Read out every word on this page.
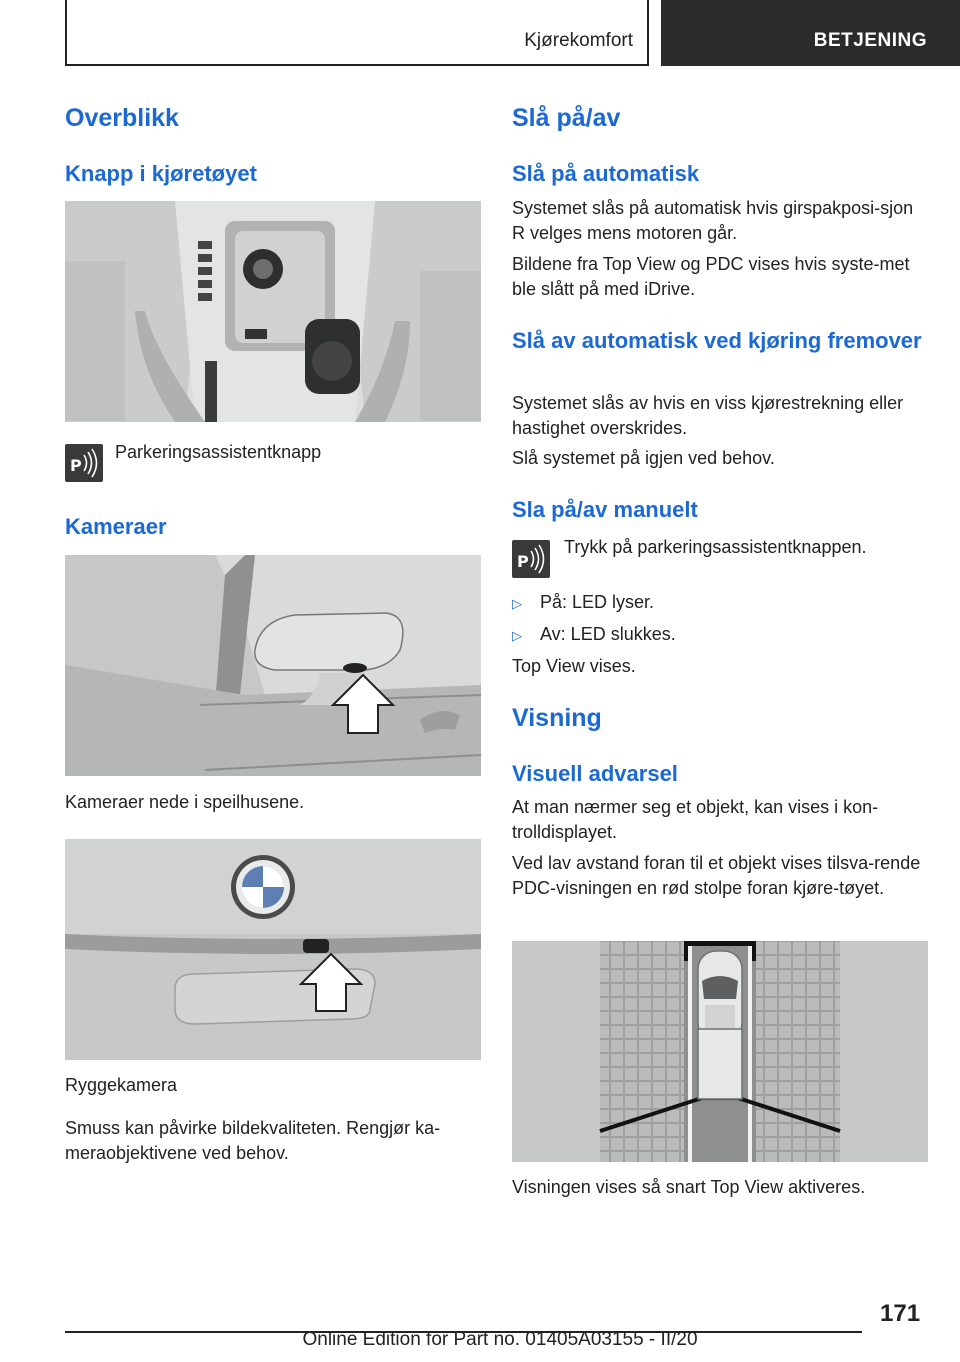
Kjørekomfort	BETJENING
Overblikk
Knapp i kjøretøyet
P
Parkeringsassistentknapp
Kameraer
Kameraer nede i speilhusene.
Ryggekamera
Smuss kan påvirke bildekvaliteten. Rengjør ka-meraobjektivene ved behov.
Slå på/av
Slå på automatisk
Systemet slås på automatisk hvis girspakposi-sjon R velges mens motoren går.
Bildene fra Top View og PDC vises hvis syste-met ble slått på med iDrive.
Slå av automatisk ved kjøring fremover
Systemet slås av hvis en viss kjørestrekning eller hastighet overskrides.
Slå systemet på igjen ved behov.
Sla på/av manuelt
P
Trykk på parkeringsassistentknappen.
▷ På: LED lyser.
▷ Av: LED slukkes.
Top View vises.
Visning
Visuell advarsel
At man nærmer seg et objekt, kan vises i kon-trolldisplayet.
Ved lav avstand foran til et objekt vises tilsva-rende PDC-visningen en rød stolpe foran kjøre-tøyet.
Visningen vises så snart Top View aktiveres.
171
Online Edition for Part no. 01405A03155 - II/20
